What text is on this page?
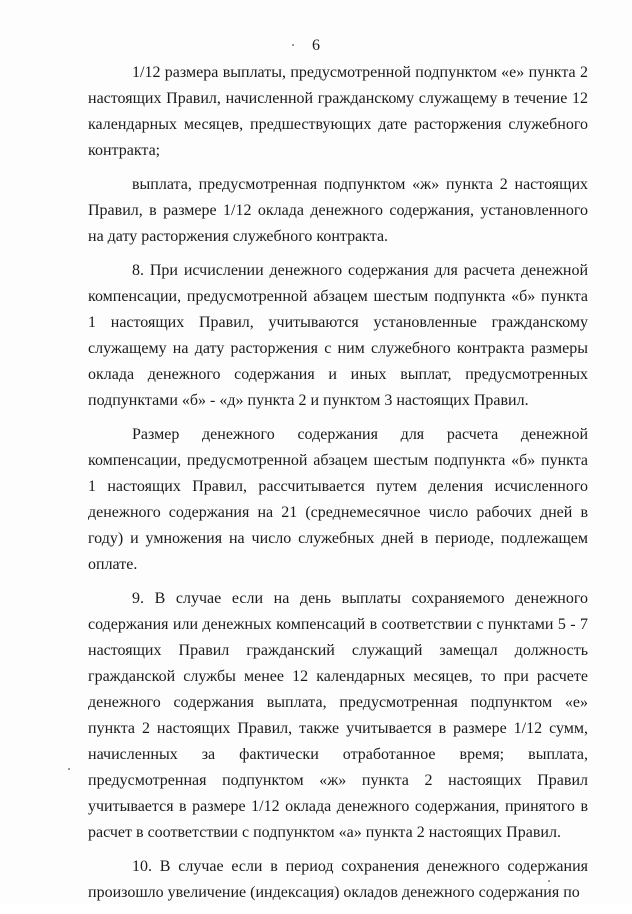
6

1/12 размера выплаты, предусмотренной подпунктом «е» пункта 2 настоящих Правил, начисленной гражданскому служащему в течение 12 календарных месяцев, предшествующих дате расторжения служебного контракта;

выплата, предусмотренная подпунктом «ж» пункта 2 настоящих Правил, в размере 1/12 оклада денежного содержания, установленного на дату расторжения служебного контракта.

8. При исчислении денежного содержания для расчета денежной компенсации, предусмотренной абзацем шестым подпункта «б» пункта 1 настоящих Правил, учитываются установленные гражданскому служащему на дату расторжения с ним служебного контракта размеры оклада денежного содержания и иных выплат, предусмотренных подпунктами «б» - «д» пункта 2 и пунктом 3 настоящих Правил.

Размер денежного содержания для расчета денежной компенсации, предусмотренной абзацем шестым подпункта «б» пункта 1 настоящих Правил, рассчитывается путем деления исчисленного денежного содержания на 21 (среднемесячное число рабочих дней в году) и умножения на число служебных дней в периоде, подлежащем оплате.

9. В случае если на день выплаты сохраняемого денежного содержания или денежных компенсаций в соответствии с пунктами 5 - 7 настоящих Правил гражданский служащий замещал должность гражданской службы менее 12 календарных месяцев, то при расчете денежного содержания выплата, предусмотренная подпунктом «е» пункта 2 настоящих Правил, также учитывается в размере 1/12 сумм, начисленных за фактически отработанное время; выплата, предусмотренная подпунктом «ж» пункта 2 настоящих Правил учитывается в размере 1/12 оклада денежного содержания, принятого в расчет в соответствии с подпунктом «а» пункта 2 настоящих Правил.

10. В случае если в период сохранения денежного содержания произошло увеличение (индексация) окладов денежного содержания по
